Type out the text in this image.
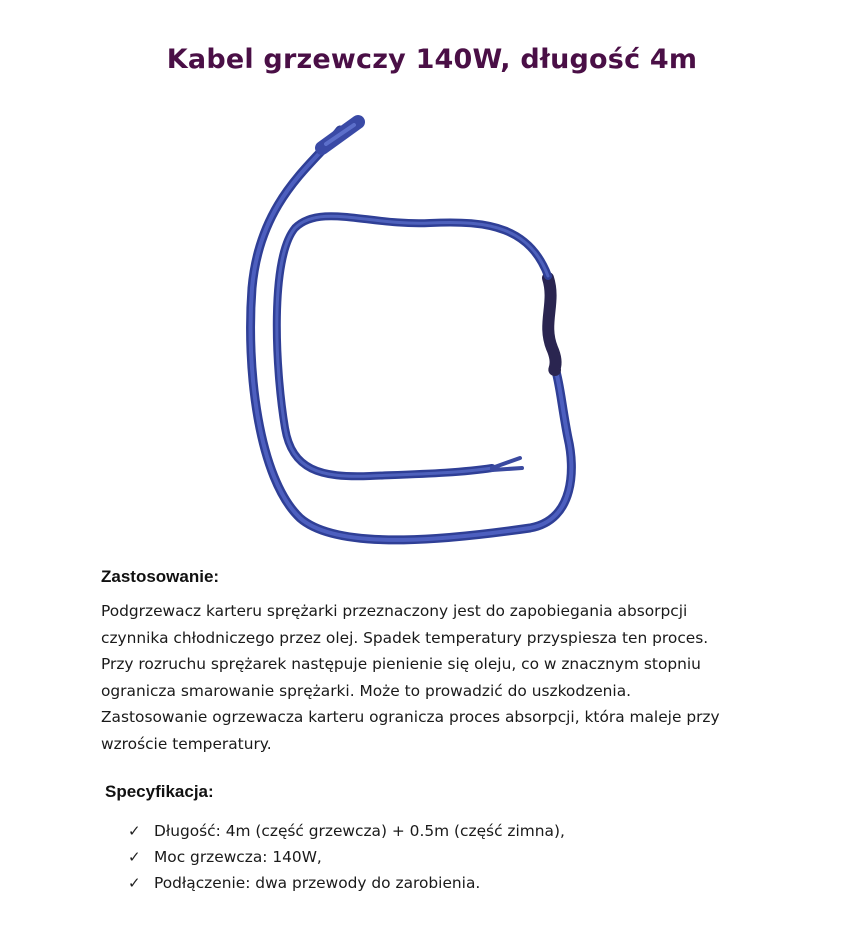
Kabel grzewczy 140W, długość 4m
Zastosowanie:

Podgrzewacz karteru sprężarki przeznaczony jest do zapobiegania absorpcji czynnika chłodniczego przez olej. Spadek temperatury przyspiesza ten proces. Przy rozruchu sprężarek następuje pienienie się oleju, co w znacznym stopniu ogranicza smarowanie sprężarki. Może to prowadzić do uszkodzenia. Zastosowanie ogrzewacza karteru ogranicza proces absorpcji, która maleje przy wzroście temperatury.

Specyfikacja:
✓ Długość: 4m (część grzewcza) + 0.5m (część zimna),
✓ Moc grzewcza: 140W,
✓ Podłączenie: dwa przewody do zarobienia.
